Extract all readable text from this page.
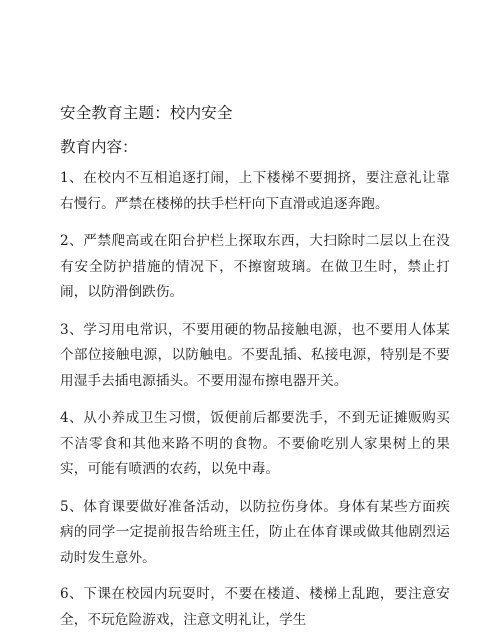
安全教育主题：校内安全
教育内容：

1、在校内不互相追逐打闹，上下楼梯不要拥挤，要注意礼让靠右慢行。严禁在楼梯的扶手栏杆向下直滑或追逐奔跑。

2、严禁爬高或在阳台护栏上探取东西，大扫除时二层以上在没有安全防护措施的情况下，不擦窗玻璃。在做卫生时，禁止打闹，以防滑倒跌伤。

3、学习用电常识，不要用硬的物品接触电源，也不要用人体某个部位接触电源，以防触电。不要乱插、私接电源，特别是不要用湿手去插电源插头。不要用湿布擦电器开关。

4、从小养成卫生习惯，饭便前后都要洗手，不到无证摊贩购买不洁零食和其他来路不明的食物。不要偷吃别人家果树上的果实，可能有喷洒的农药，以免中毒。

5、体育课要做好准备活动，以防拉伤身体。身体有某些方面疾病的同学一定提前报告给班主任，防止在体育课或做其他剧烈运动时发生意外。

6、下课在校园内玩耍时，不要在楼道、楼梯上乱跑，要注意安全，不玩危险游戏，注意文明礼让，学生
